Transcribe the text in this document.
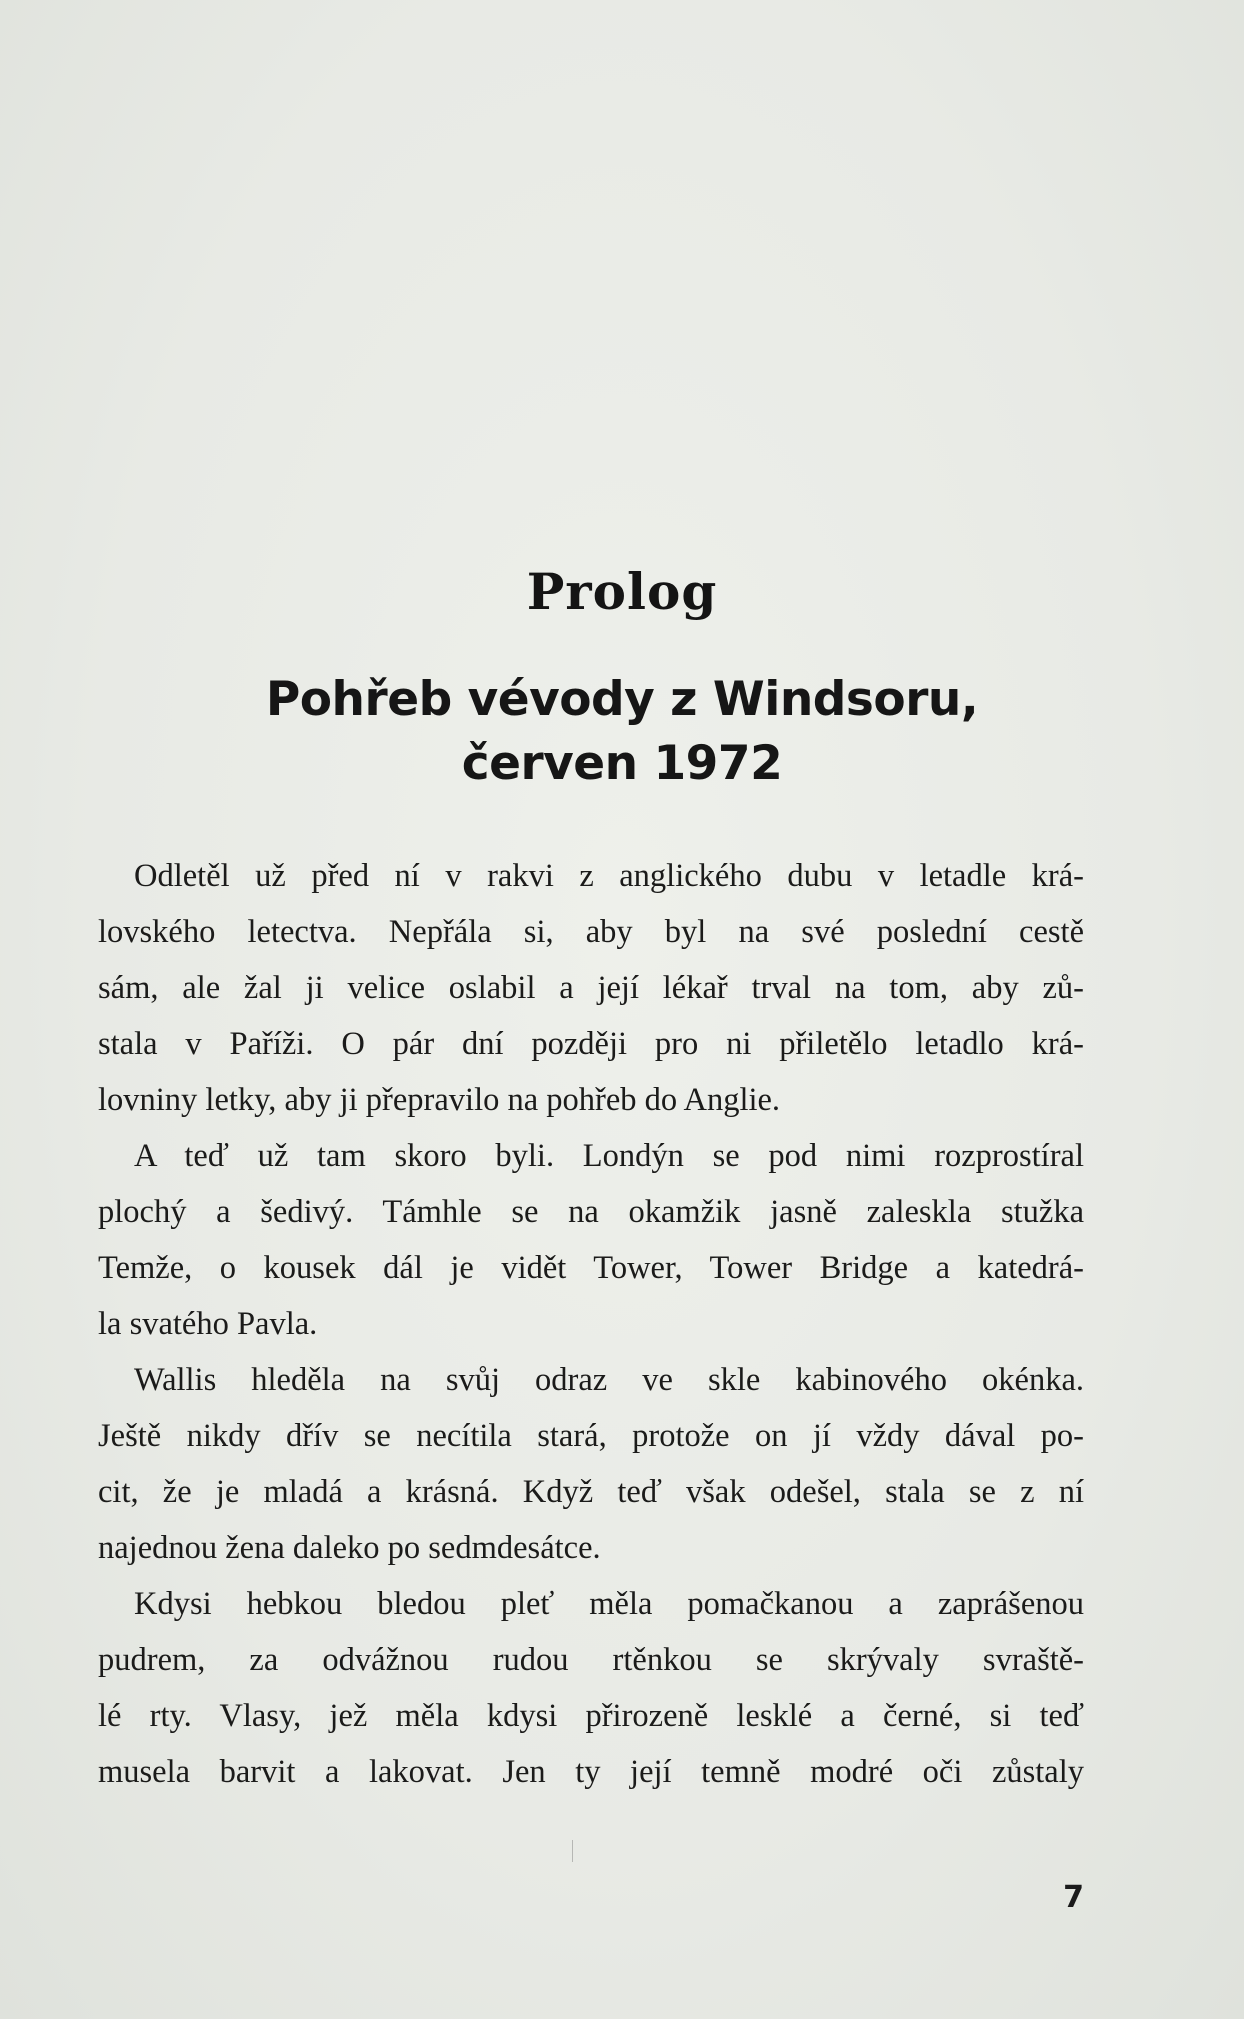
Prolog
Pohřeb vévody z Windsoru,
červen 1972
Odletěl už před ní v rakvi z anglického dubu v letadle krá-
lovského letectva. Nepřála si, aby byl na své poslední cestě
sám, ale žal ji velice oslabil a její lékař trval na tom, aby zů-
stala v Paříži. O pár dní později pro ni přiletělo letadlo krá-
lovniny letky, aby ji přepravilo na pohřeb do Anglie.
A teď už tam skoro byli. Londýn se pod nimi rozprostíral
plochý a šedivý. Támhle se na okamžik jasně zaleskla stužka
Temže, o kousek dál je vidět Tower, Tower Bridge a katedrá-
la svatého Pavla.
Wallis hleděla na svůj odraz ve skle kabinového okénka.
Ještě nikdy dřív se necítila stará, protože on jí vždy dával po-
cit, že je mladá a krásná. Když teď však odešel, stala se z ní
najednou žena daleko po sedmdesátce.
Kdysi hebkou bledou pleť měla pomačkanou a zaprášenou
pudrem, za odvážnou rudou rtěnkou se skrývaly svraště-
lé rty. Vlasy, jež měla kdysi přirozeně lesklé a černé, si teď
musela barvit a lakovat. Jen ty její temně modré oči zůstaly
7
